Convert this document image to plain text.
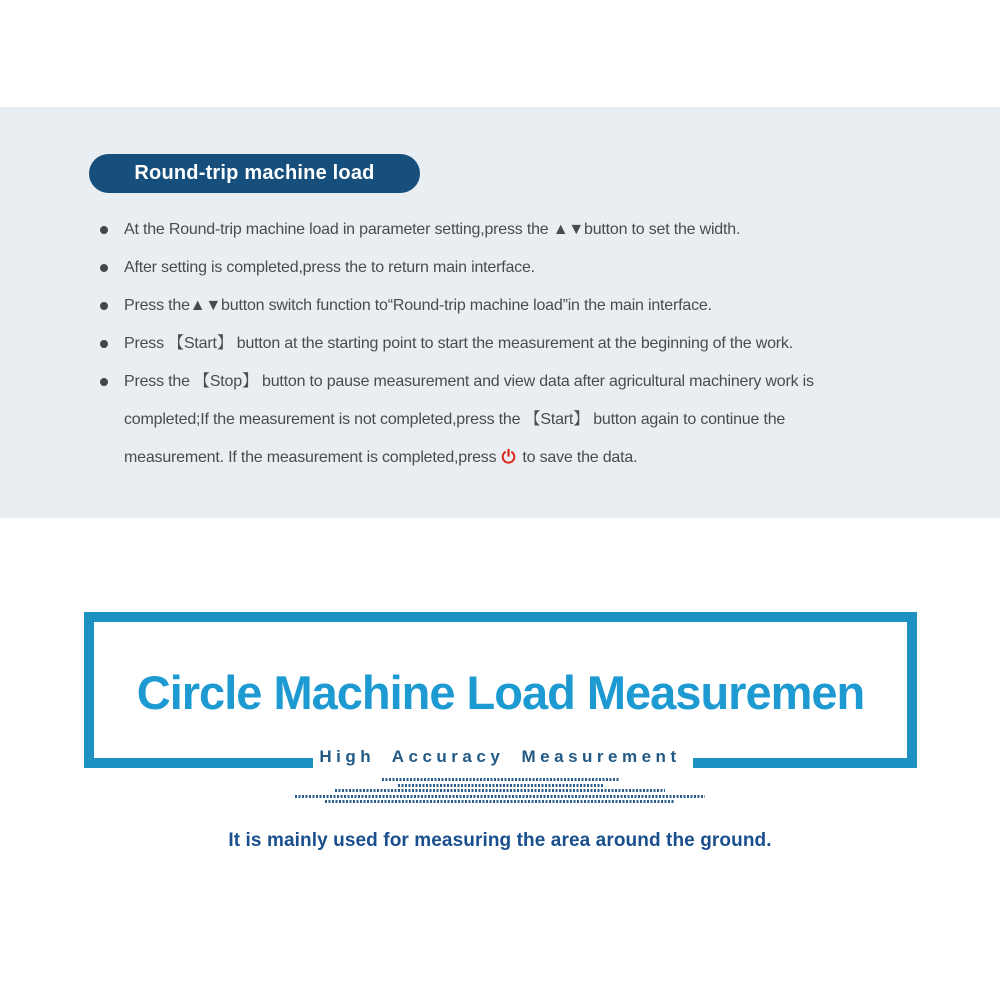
Round-trip machine load
At the Round-trip machine load in parameter setting,press the ▲▼button to set the width.
After setting is completed,press the to return main interface.
Press the▲▼button switch function to“Round-trip machine load”in the main interface.
Press 【Start】 button at the starting point to start the measurement at the beginning of the work.
Press the 【Stop】 button to pause measurement and view data after agricultural machinery work is
completed;If the measurement is not completed,press the 【Start】 button again to continue the
measurement. If the measurement is completed,press to save the data.
Circle Machine Load Measuremen
High Accuracy Measurement
It is mainly used for measuring the area around the ground.
